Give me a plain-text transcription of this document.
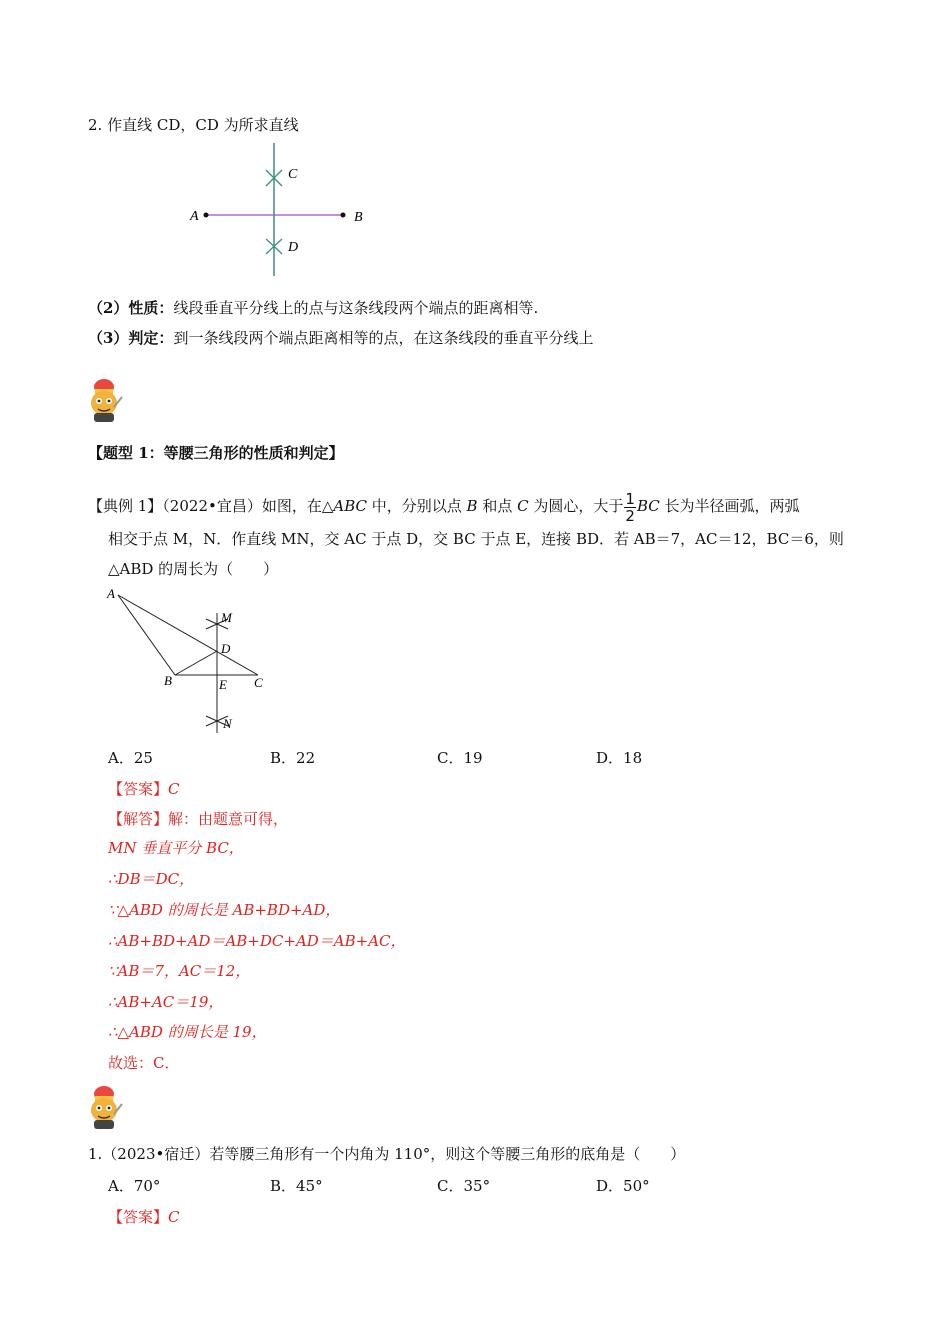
2. 作直线 CD，CD 为所求直线
A	B
C
D
（2）性质：线段垂直平分线上的点与这条线段两个端点的距离相等.
（3）判定：到一条线段两个端点距离相等的点，在这条线段的垂直平分线上
【题型 1：等腰三角形的性质和判定】
【典例 1】（2022•宜昌）如图，在△ABC 中，分别以点 B 和点 C 为圆心，大于 $\frac{1}{2}$ BC 长为半径画弧，两弧
相交于点 M，N．作直线 MN，交 AC 于点 D，交 BC 于点 E，连接 BD．若 AB＝7，AC＝12，BC＝6，则
△ABD 的周长为（　　）
A
M
D
B	E C
N
A．25	B．22	C．19	D．18
【答案】C
【解答】解：由题意可得，
MN 垂直平分 BC，
∴DB＝DC，
∵△ABD 的周长是 AB+BD+AD，
∴AB+BD+AD＝AB+DC+AD＝AB+AC，
∵AB＝7，AC＝12，
∴AB+AC＝19，
∴△ABD 的周长是 19，
故选：C．
1.（2023•宿迁）若等腰三角形有一个内角为 110°，则这个等腰三角形的底角是（　　）
A．70°	B．45°	C．35°	D．50°
【答案】C
